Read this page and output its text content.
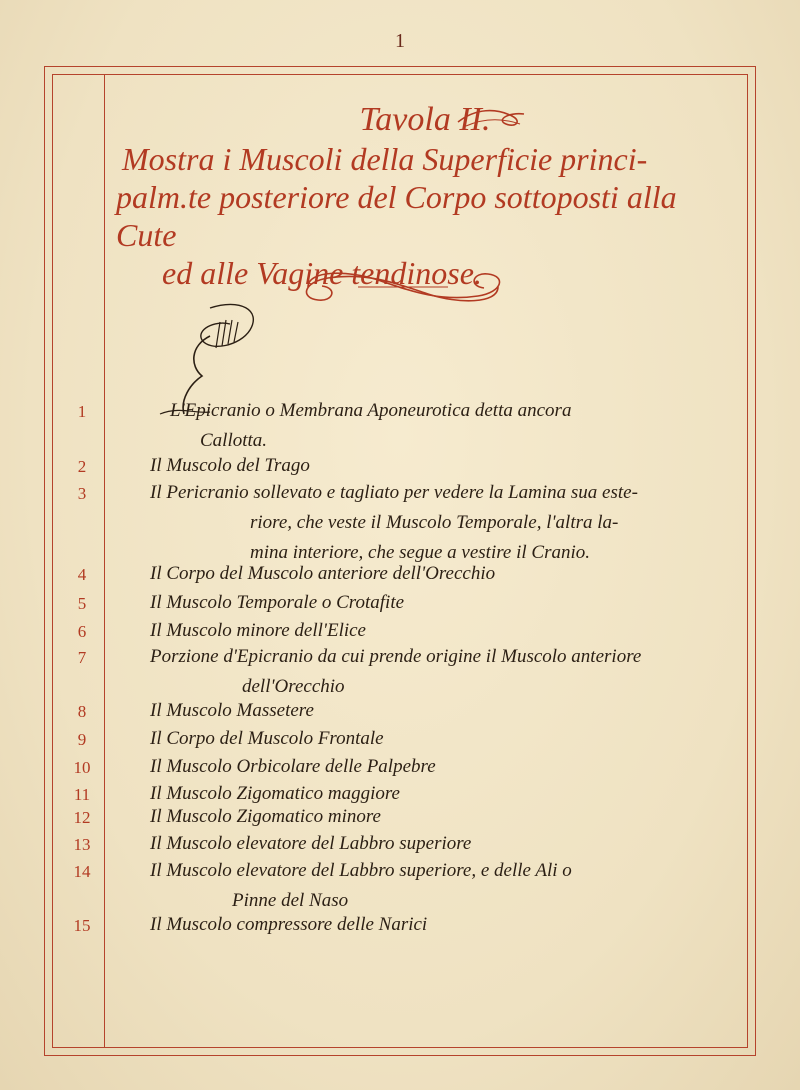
1
Tavola II.
Mostra i Muscoli della Superficie princi-
palm.te posteriore del Corpo sottoposti alla Cute
ed alle Vagine tendinose.
1	L'Epicranio o Membrana Aponeurotica detta ancora
Callotta.
2	Il Muscolo del Trago
3	Il Pericranio sollevato e tagliato per vedere la Lamina sua este-
riore, che veste il Muscolo Temporale, l'altra la-
mina interiore, che segue a vestire il Cranio.
4	Il Corpo del Muscolo anteriore dell'Orecchio
5	Il Muscolo Temporale o Crotafite
6	Il Muscolo minore dell'Elice
7	Porzione d'Epicranio da cui prende origine il Muscolo anteriore
dell'Orecchio
8	Il Muscolo Massetere
9	Il Corpo del Muscolo Frontale
10	Il Muscolo Orbicolare delle Palpebre
11	Il Muscolo Zigomatico maggiore
12	Il Muscolo Zigomatico minore
13	Il Muscolo elevatore del Labbro superiore
14	Il Muscolo elevatore del Labbro superiore, e delle Ali o
Pinne del Naso
15	Il Muscolo compressore delle Narici
